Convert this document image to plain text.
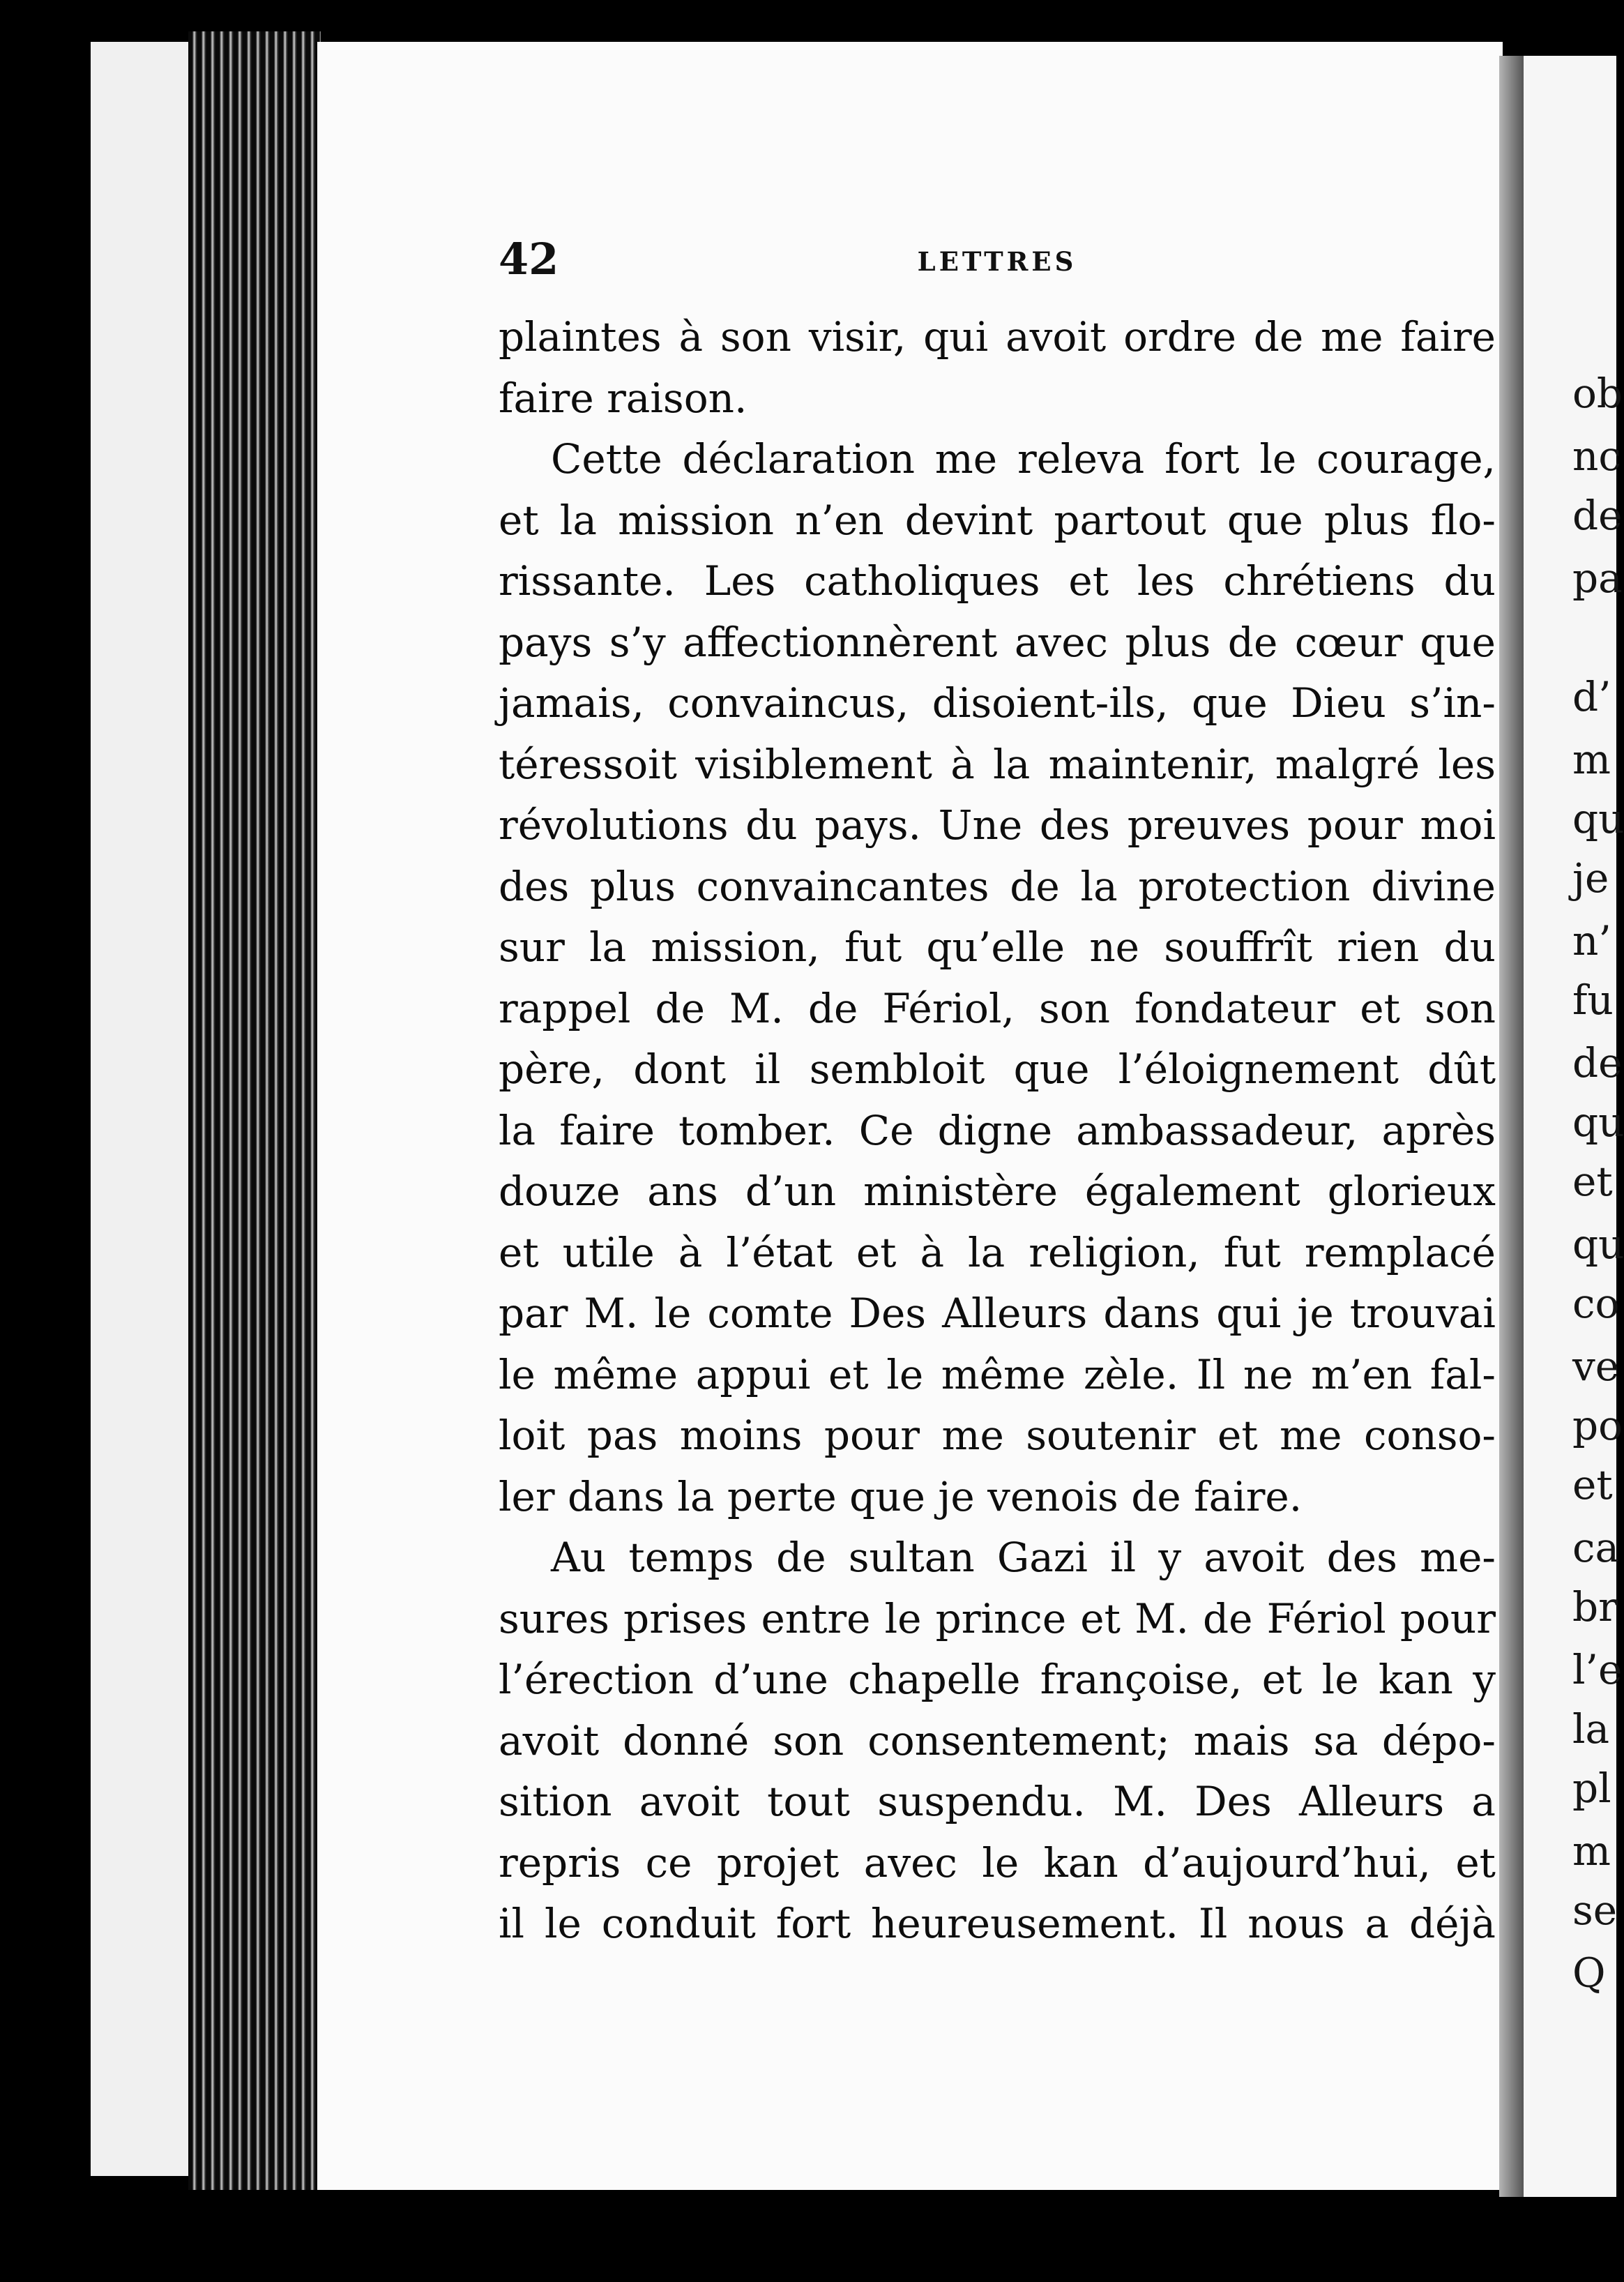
ob
nc
de
pa
d’
m
qu
je
n’
fu
de
qu
et
qu
co
ve
po
et
ca
br
l’e
la
pl
m
se
Q
42	LETTRES
plaintes à son visir, qui avoit ordre de me faire
faire raison.
Cette déclaration me releva fort le courage,
et la mission n’en devint partout que plus flo-
rissante. Les catholiques et les chrétiens du
pays s’y affectionnèrent avec plus de cœur que
jamais, convaincus, disoient-ils, que Dieu s’in-
téressoit visiblement à la maintenir, malgré les
révolutions du pays. Une des preuves pour moi
des plus convaincantes de la protection divine
sur la mission, fut qu’elle ne souffrît rien du
rappel de M. de Fériol, son fondateur et son
père, dont il sembloit que l’éloignement dût
la faire tomber. Ce digne ambassadeur, après
douze ans d’un ministère également glorieux
et utile à l’état et à la religion, fut remplacé
par M. le comte Des Alleurs dans qui je trouvai
le même appui et le même zèle. Il ne m’en fal-
loit pas moins pour me soutenir et me conso-
ler dans la perte que je venois de faire.
Au temps de sultan Gazi il y avoit des me-
sures prises entre le prince et M. de Fériol pour
l’érection d’une chapelle françoise, et le kan y
avoit donné son consentement; mais sa dépo-
sition avoit tout suspendu. M. Des Alleurs a
repris ce projet avec le kan d’aujourd’hui, et
il le conduit fort heureusement. Il nous a déjà
